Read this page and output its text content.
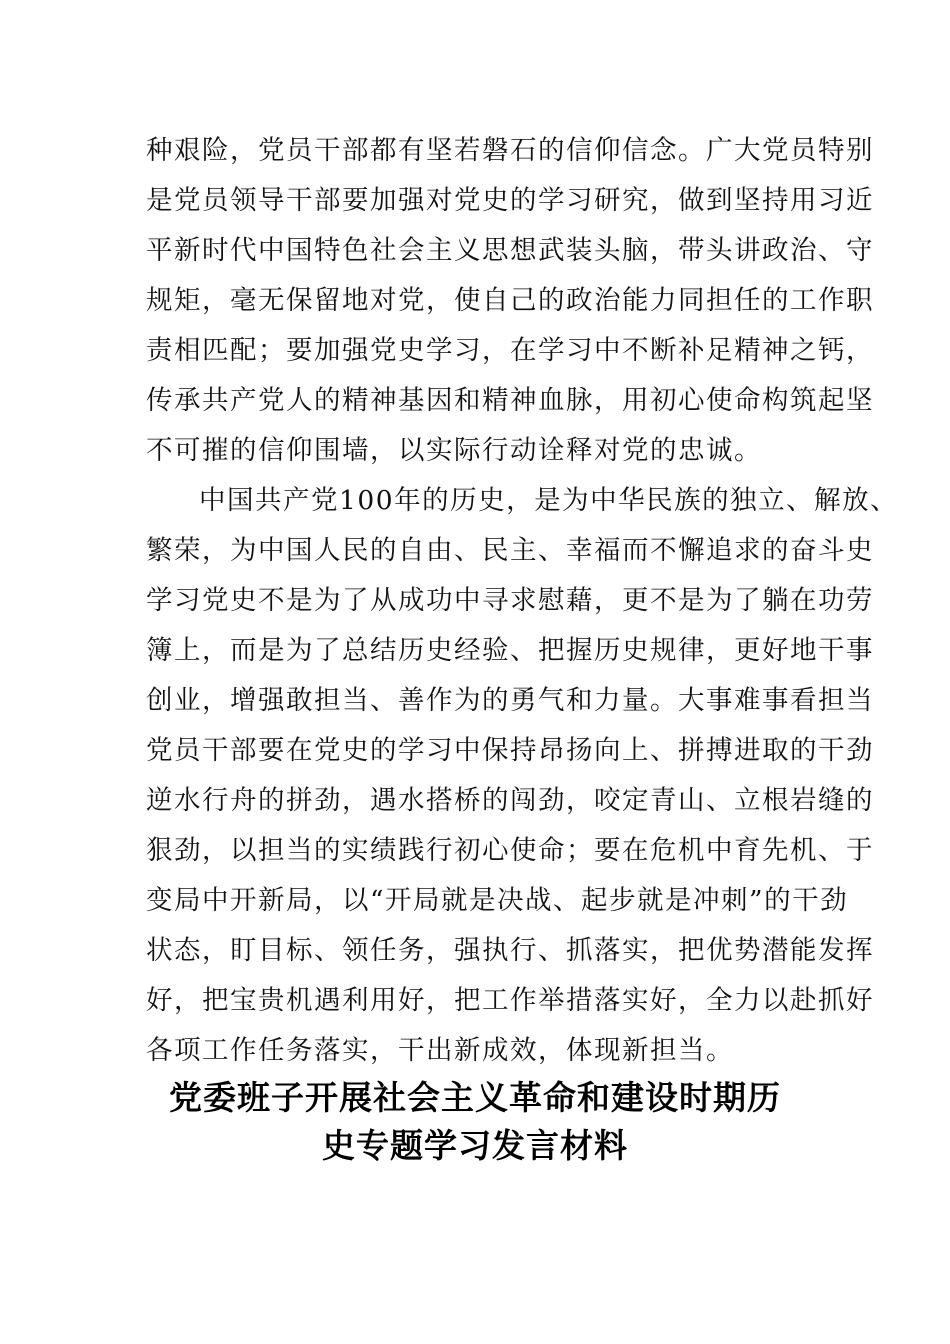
种艰险，党员干部都有坚若磐石的信仰信念。广大党员特别
是党员领导干部要加强对党史的学习研究，做到坚持用习近
平新时代中国特色社会主义思想武装头脑，带头讲政治、守
规矩，毫无保留地对党，使自己的政治能力同担任的工作职
责相匹配；要加强党史学习，在学习中不断补足精神之钙，
传承共产党人的精神基因和精神血脉，用初心使命构筑起坚
不可摧的信仰围墙，以实际行动诠释对党的忠诚。
中国共产党100年的历史，是为中华民族的独立、解放、
繁荣，为中国人民的自由、民主、幸福而不懈追求的奋斗史
学习党史不是为了从成功中寻求慰藉，更不是为了躺在功劳
簿上，而是为了总结历史经验、把握历史规律，更好地干事
创业，增强敢担当、善作为的勇气和力量。大事难事看担当
党员干部要在党史的学习中保持昂扬向上、拼搏进取的干劲
逆水行舟的拼劲，遇水搭桥的闯劲，咬定青山、立根岩缝的
狠劲，以担当的实绩践行初心使命；要在危机中育先机、于
变局中开新局，以“开局就是决战、起步就是冲刺”的干劲
状态，盯目标、领任务，强执行、抓落实，把优势潜能发挥
好，把宝贵机遇利用好，把工作举措落实好，全力以赴抓好
各项工作任务落实，干出新成效，体现新担当。
党委班子开展社会主义革命和建设时期历
史专题学习发言材料
